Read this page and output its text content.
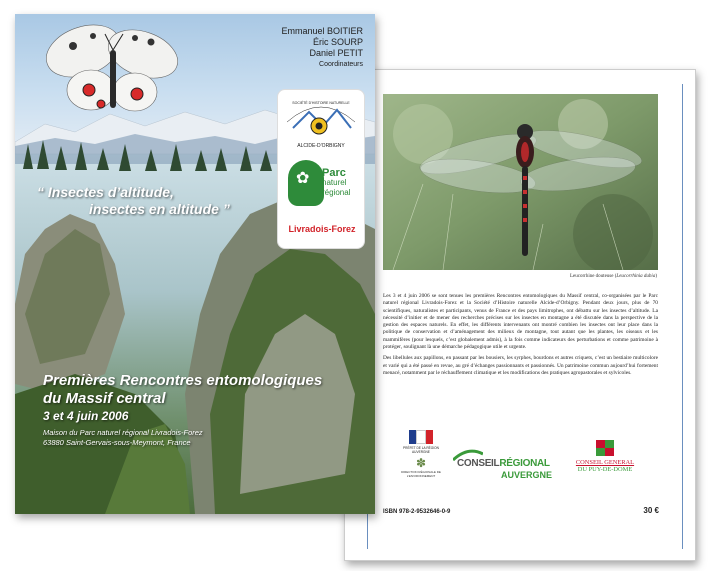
Leucorrhine douteuse (Leucorrhinia dubia)

Les 3 et 4 juin 2006 se sont tenues les premières Rencontres entomologiques du Massif central, co-organisées par le Parc naturel régional Livradois-Forez et la Société d’Histoire naturelle Alcide-d’Orbigny. Pendant deux jours, plus de 70 scientifiques, naturalistes et participants, venus de France et des pays limitrophes, ont débattu sur les insectes d’altitude. La nécessité d’initier et de mener des recherches précises sur les insectes en montagne a été discutée dans la perspective de la gestion des espaces naturels. En effet, les différents intervenants ont montré combien les insectes ont leur place dans la politique de conservation et d’aménagement des milieux de montagne, tout autant que les plantes, les oiseaux et les mammifères (pour lesquels, c’est globalement admis), à la fois comme indicateurs des perturbations et comme patrimoine à protéger, soulignant là une démarche pédagogique utile et urgente.

Des libellules aux papillons, en passant par les bousiers, les syrphes, bourdons et autres criquets, c’est un bestiaire multicolore et varié qui a été passé en revue, au gré d’échanges passionnants et passionnés. Un patrimoine commun aujourd’hui fortement menacé, notamment par le réchauffement climatique et les modifications des pratiques agropastorales et sylvicoles.

PRÉFET DE LA RÉGION AUVERGNE
✽
DIRECTION RÉGIONALE DE L’ENVIRONNEMENT
CONSEILRÉGIONAL
AUVERGNE
CONSEIL GENERAL
DU PUY-DE-DOME
ISBN 978-2-9532646-0-9	30 €
Emmanuel BOITIER
Éric SOURP
Daniel PETIT
Coordinateurs
SOCIÉTÉ D’HISTOIRE NATURELLE
ALCIDE-D’ORBIGNY
✿ Parc
naturel
régional
Livradois-Forez
“ Insectes d’altitude,
insectes en altitude ”
Premières Rencontres entomologiques
du Massif central
3 et 4 juin 2006
Maison du Parc naturel régional Livradois-Forez
63880 Saint-Gervais-sous-Meymont, France
